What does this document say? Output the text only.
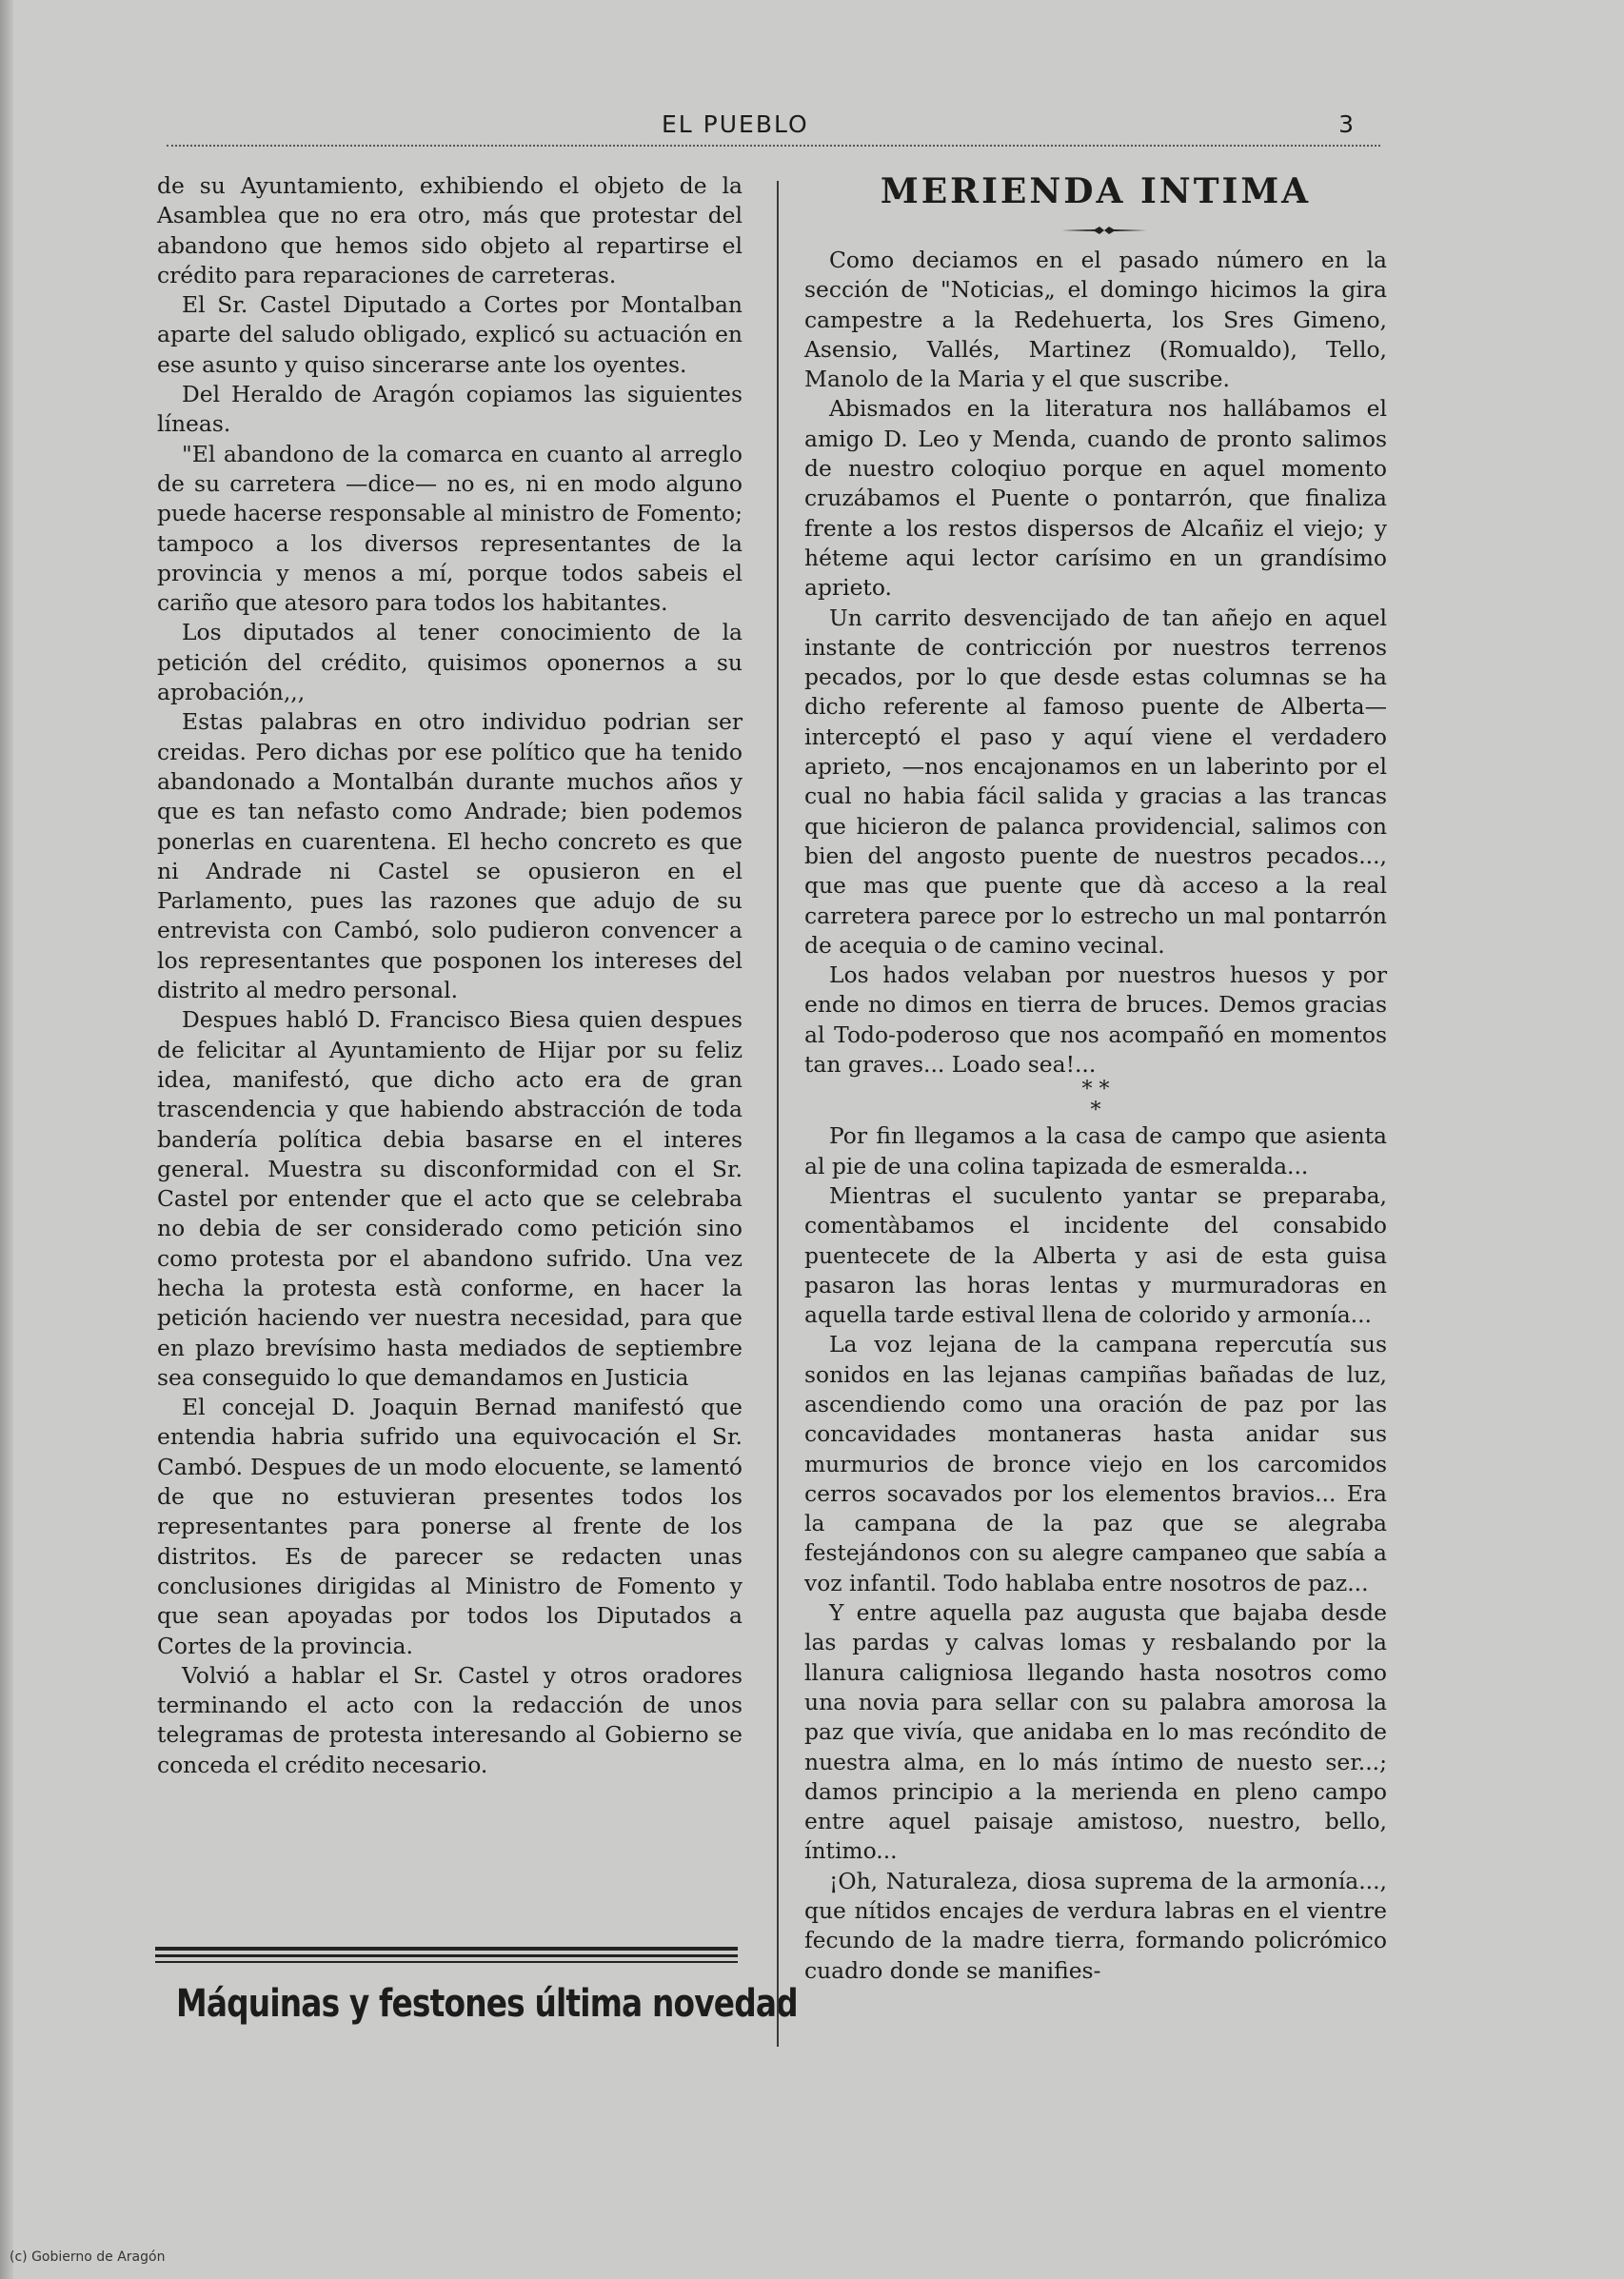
EL PUEBLO	3

de su Ayuntamiento, exhibiendo el objeto de la Asamblea que no era otro, más que protestar del abandono que hemos sido objeto al repartirse el crédito para reparaciones de carreteras.

El Sr. Castel Diputado a Cortes por Montalban aparte del saludo obligado, explicó su actuación en ese asunto y quiso sincerarse ante los oyentes.

Del Heraldo de Aragón copiamos las siguientes líneas.

"El abandono de la comarca en cuanto al arreglo de su carretera —dice— no es, ni en modo alguno puede hacerse responsable al ministro de Fomento; tampoco a los diversos representantes de la provincia y menos a mí, porque todos sabeis el cariño que atesoro para todos los habitantes.

Los diputados al tener conocimiento de la petición del crédito, quisimos oponernos a su aprobación,,,

Estas palabras en otro individuo podrian ser creidas. Pero dichas por ese político que ha tenido abandonado a Montalbán durante muchos años y que es tan nefasto como Andrade; bien podemos ponerlas en cuarentena. El hecho concreto es que ni Andrade ni Castel se opusieron en el Parlamento, pues las razones que adujo de su entrevista con Cambó, solo pudieron convencer a los representantes que posponen los intereses del distrito al medro personal.

Despues habló D. Francisco Biesa quien despues de felicitar al Ayuntamiento de Hijar por su feliz idea, manifestó, que dicho acto era de gran trascendencia y que habiendo abstracción de toda bandería política debia basarse en el interes general. Muestra su disconformidad con el Sr. Castel por entender que el acto que se celebraba no debia de ser considerado como petición sino como protesta por el abandono sufrido. Una vez hecha la protesta està conforme, en hacer la petición haciendo ver nuestra necesidad, para que en plazo brevísimo hasta mediados de septiembre sea conseguido lo que demandamos en Justicia

El concejal D. Joaquin Bernad manifestó que entendia habria sufrido una equivocación el Sr. Cambó. Despues de un modo elocuente, se lamentó de que no estuvieran presentes todos los representantes para ponerse al frente de los distritos. Es de parecer se redacten unas conclusiones dirigidas al Ministro de Fomento y que sean apoyadas por todos los Diputados a Cortes de la provincia.

Volvió a hablar el Sr. Castel y otros oradores terminando el acto con la redacción de unos telegramas de protesta interesando al Gobierno se conceda el crédito necesario.

Máquinas y festones última novedad
MERIENDA INTIMA

Como deciamos en el pasado número en la sección de "Noticias„ el domingo hicimos la gira campestre a la Redehuerta, los Sres Gimeno, Asensio, Vallés, Martinez (Romualdo), Tello, Manolo de la Maria y el que suscribe.

Abismados en la literatura nos hallábamos el amigo D. Leo y Menda, cuando de pronto salimos de nuestro coloqiuo porque en aquel momento cruzábamos el Puente o pontarrón, que finaliza frente a los restos dispersos de Alcañiz el viejo; y héteme aqui lector carísimo en un grandísimo aprieto.

Un carrito desvencijado de tan añejo en aquel instante de contricción por nuestros terrenos pecados, por lo que desde estas columnas se ha dicho referente al famoso puente de Alberta—interceptó el paso y aquí viene el verdadero aprieto, —nos encajonamos en un laberinto por el cual no habia fácil salida y gracias a las trancas que hicieron de palanca providencial, salimos con bien del angosto puente de nuestros pecados..., que mas que puente que dà acceso a la real carretera parece por lo estrecho un mal pontarrón de acequia o de camino vecinal.

Los hados velaban por nuestros huesos y por ende no dimos en tierra de bruces. Demos gracias al Todo-poderoso que nos acompañó en momentos tan graves... Loado sea!...

* *
*

Por fin llegamos a la casa de campo que asienta al pie de una colina tapizada de esmeralda...

Mientras el suculento yantar se preparaba, comentàbamos el incidente del consabido puentecete de la Alberta y asi de esta guisa pasaron las horas lentas y murmuradoras en aquella tarde estival llena de colorido y armonía...

La voz lejana de la campana repercutía sus sonidos en las lejanas campiñas bañadas de luz, ascendiendo como una oración de paz por las concavidades montaneras hasta anidar sus murmurios de bronce viejo en los carcomidos cerros socavados por los elementos bravios... Era la campana de la paz que se alegraba festejándonos con su alegre campaneo que sabía a voz infantil. Todo hablaba entre nosotros de paz...

Y entre aquella paz augusta que bajaba desde las pardas y calvas lomas y resbalando por la llanura caligniosa llegando hasta nosotros como una novia para sellar con su palabra amorosa la paz que vivía, que anidaba en lo mas recóndito de nuestra alma, en lo más íntimo de nuesto ser...; damos principio a la merienda en pleno campo entre aquel paisaje amistoso, nuestro, bello, íntimo...

¡Oh, Naturaleza, diosa suprema de la armonía..., que nítidos encajes de verdura labras en el vientre fecundo de la madre tierra, formando policrómico cuadro donde se manifies-

(c) Gobierno de Aragón
